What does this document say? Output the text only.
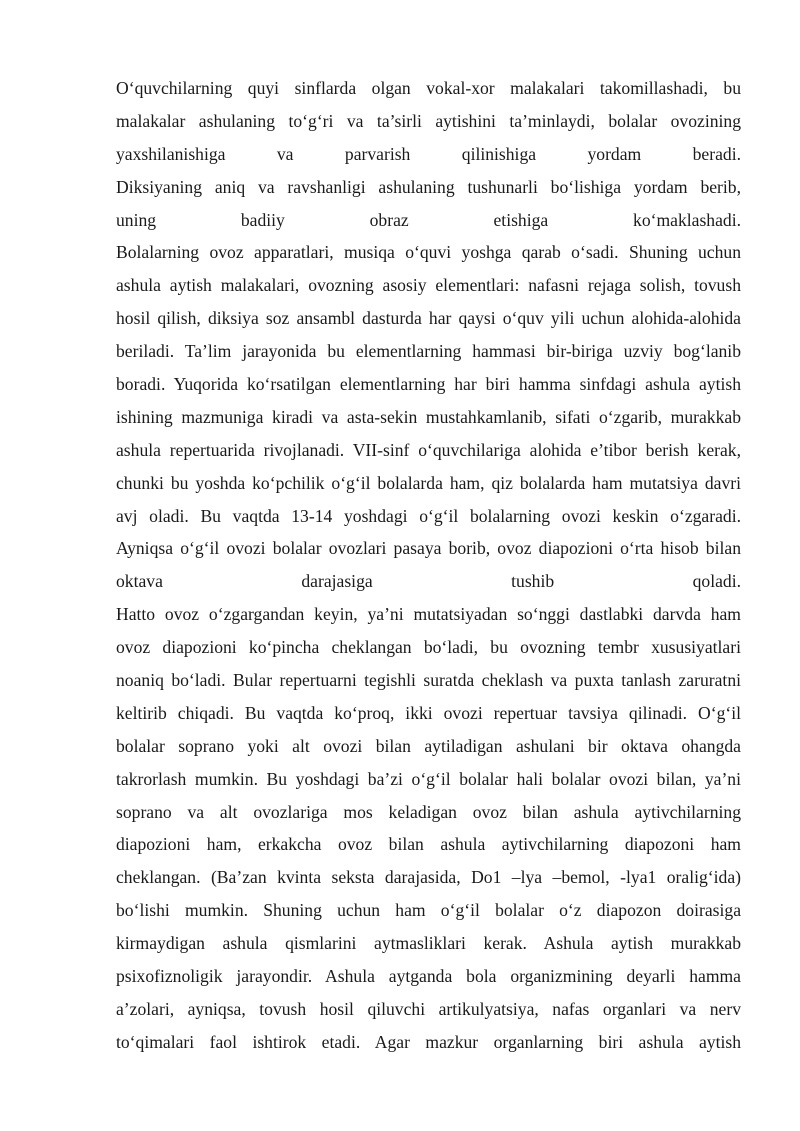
O‘quvchilarning quyi sinflarda olgan vokal-xor malakalari takomillashadi, bu
malakalar ashulaning to‘g‘ri va ta’sirli aytishini ta’minlaydi, bolalar ovozining
yaxshilanishiga va parvarish qilinishiga yordam beradi.
Diksiyaning aniq va ravshanligi ashulaning tushunarli bo‘lishiga yordam berib,
uning badiiy obraz etishiga ko‘maklashadi.
Bolalarning ovoz apparatlari, musiqa o‘quvi yoshga qarab o‘sadi. Shuning uchun
ashula aytish malakalari, ovozning asosiy elementlari: nafasni rejaga solish, tovush
hosil qilish, diksiya soz ansambl dasturda har qaysi o‘quv yili uchun alohida-alohida
beriladi. Ta’lim jarayonida bu elementlarning hammasi bir-biriga uzviy bog‘lanib
boradi. Yuqorida ko‘rsatilgan elementlarning har biri hamma sinfdagi ashula aytish
ishining mazmuniga kiradi va asta-sekin mustahkamlanib, sifati o‘zgarib, murakkab
ashula repertuarida rivojlanadi. VII-sinf o‘quvchilariga alohida e’tibor berish kerak,
chunki bu yoshda ko‘pchilik o‘g‘il bolalarda ham, qiz bolalarda ham mutatsiya davri
avj oladi. Bu vaqtda 13-14 yoshdagi o‘g‘il bolalarning ovozi keskin o‘zgaradi.
Ayniqsa o‘g‘il ovozi bolalar ovozlari pasaya borib, ovoz diapozioni o‘rta hisob bilan
oktava darajasiga tushib qoladi.
Hatto ovoz o‘zgargandan keyin, ya’ni mutatsiyadan so‘nggi dastlabki darvda ham
ovoz diapozioni ko‘pincha cheklangan bo‘ladi, bu ovozning tembr xususiyatlari
noaniq bo‘ladi. Bular repertuarni tegishli suratda cheklash va puxta tanlash zaruratni
keltirib chiqadi. Bu vaqtda ko‘proq, ikki ovozi repertuar tavsiya qilinadi. O‘g‘il
bolalar soprano yoki alt ovozi bilan aytiladigan ashulani bir oktava ohangda
takrorlash mumkin. Bu yoshdagi ba’zi o‘g‘il bolalar hali bolalar ovozi bilan, ya’ni
soprano va alt ovozlariga mos keladigan ovoz bilan ashula aytivchilarning
diapozioni ham, erkakcha ovoz bilan ashula aytivchilarning diapozoni ham
cheklangan. (Ba’zan kvinta seksta darajasida, Do1 –lya –bemol, -lya1 oralig‘ida)
bo‘lishi mumkin. Shuning uchun ham o‘g‘il bolalar o‘z diapozon doirasiga
kirmaydigan ashula qismlarini aytmasliklari kerak. Ashula aytish murakkab
psixofiznoligik jarayondir. Ashula aytganda bola organizmining deyarli hamma
a’zolari, ayniqsa, tovush hosil qiluvchi artikulyatsiya, nafas organlari va nerv
to‘qimalari faol ishtirok etadi. Agar mazkur organlarning biri ashula aytish
